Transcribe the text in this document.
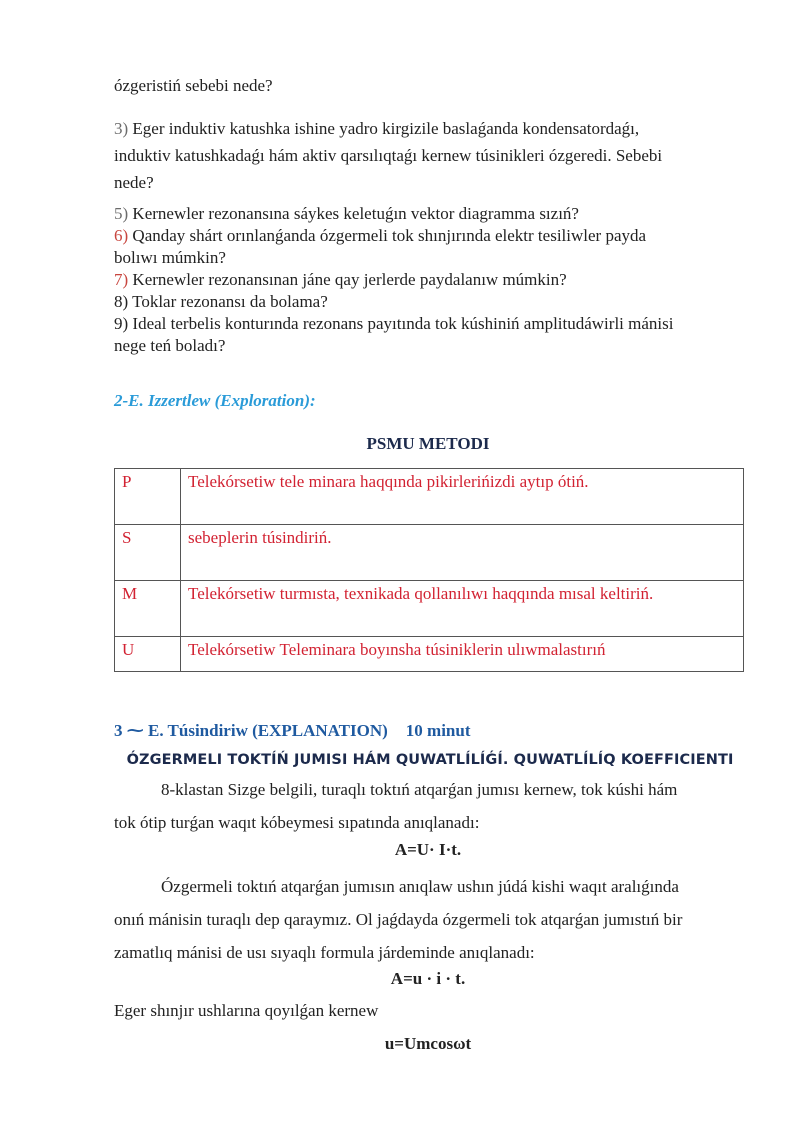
ózgeristiń sebebi nede?
3) Eger induktiv katushka ishine yadro kirgizile baslaǵanda kondensatordaǵı,
induktiv katushkadaǵı hám aktiv qarsılıqtaǵı kernew túsinikleri ózgeredi. Sebebi
nede?
5) Kernewler rezonansına sáykes keletuǵın vektor diagramma sızıń?
6) Qanday shárt orınlanǵanda ózgermeli tok shınjırında elektr tesiliwler payda
bolıwı múmkin?
7) Kernewler rezonansınan jáne qay jerlerde paydalanıw múmkin?
8) Toklar rezonansı da bolama?
9) Ideal terbelis konturında rezonans payıtında tok kúshiniń amplitudáwirli mánisi
nege teń boladı?
2-E. Izzertlew (Exploration):
PSMU METODI
P	Telekórsetiw tele minara haqqında pikirlerińizdi aytıp ótiń.
S	sebeplerin túsindiriń.
M	Telekórsetiw turmısta, texnikada qollanılıwı haqqında mısal keltiriń.
U	Telekórsetiw Teleminara boyınsha túsiniklerin ulıwmalastırıń
3 ⁓ E. Túsindiriw (EXPLANATION) 10 minut
ÓZGERMELI TOKTÍŃ JUMISI HÁM QUWATLÍLÍǴÍ. QUWATLÍLÍQ KOEFFICIENTI
8-klastan Sizge belgili, turaqlı toktıń atqarǵan jumısı kernew, tok kúshi hám
tok ótip turǵan waqıt kóbeymesi sıpatında anıqlanadı:
A=U· I·t.
Ózgermeli toktıń atqarǵan jumısın anıqlaw ushın júdá kishi waqıt aralıǵında
onıń mánisin turaqlı dep qaraymız. Ol jaǵdayda ózgermeli tok atqarǵan jumıstıń bir
zamatlıq mánisi de usı sıyaqlı formula járdeminde anıqlanadı:
A=u · i · t.
Eger shınjır ushlarına qoyılǵan kernew
u=Umcosωt
